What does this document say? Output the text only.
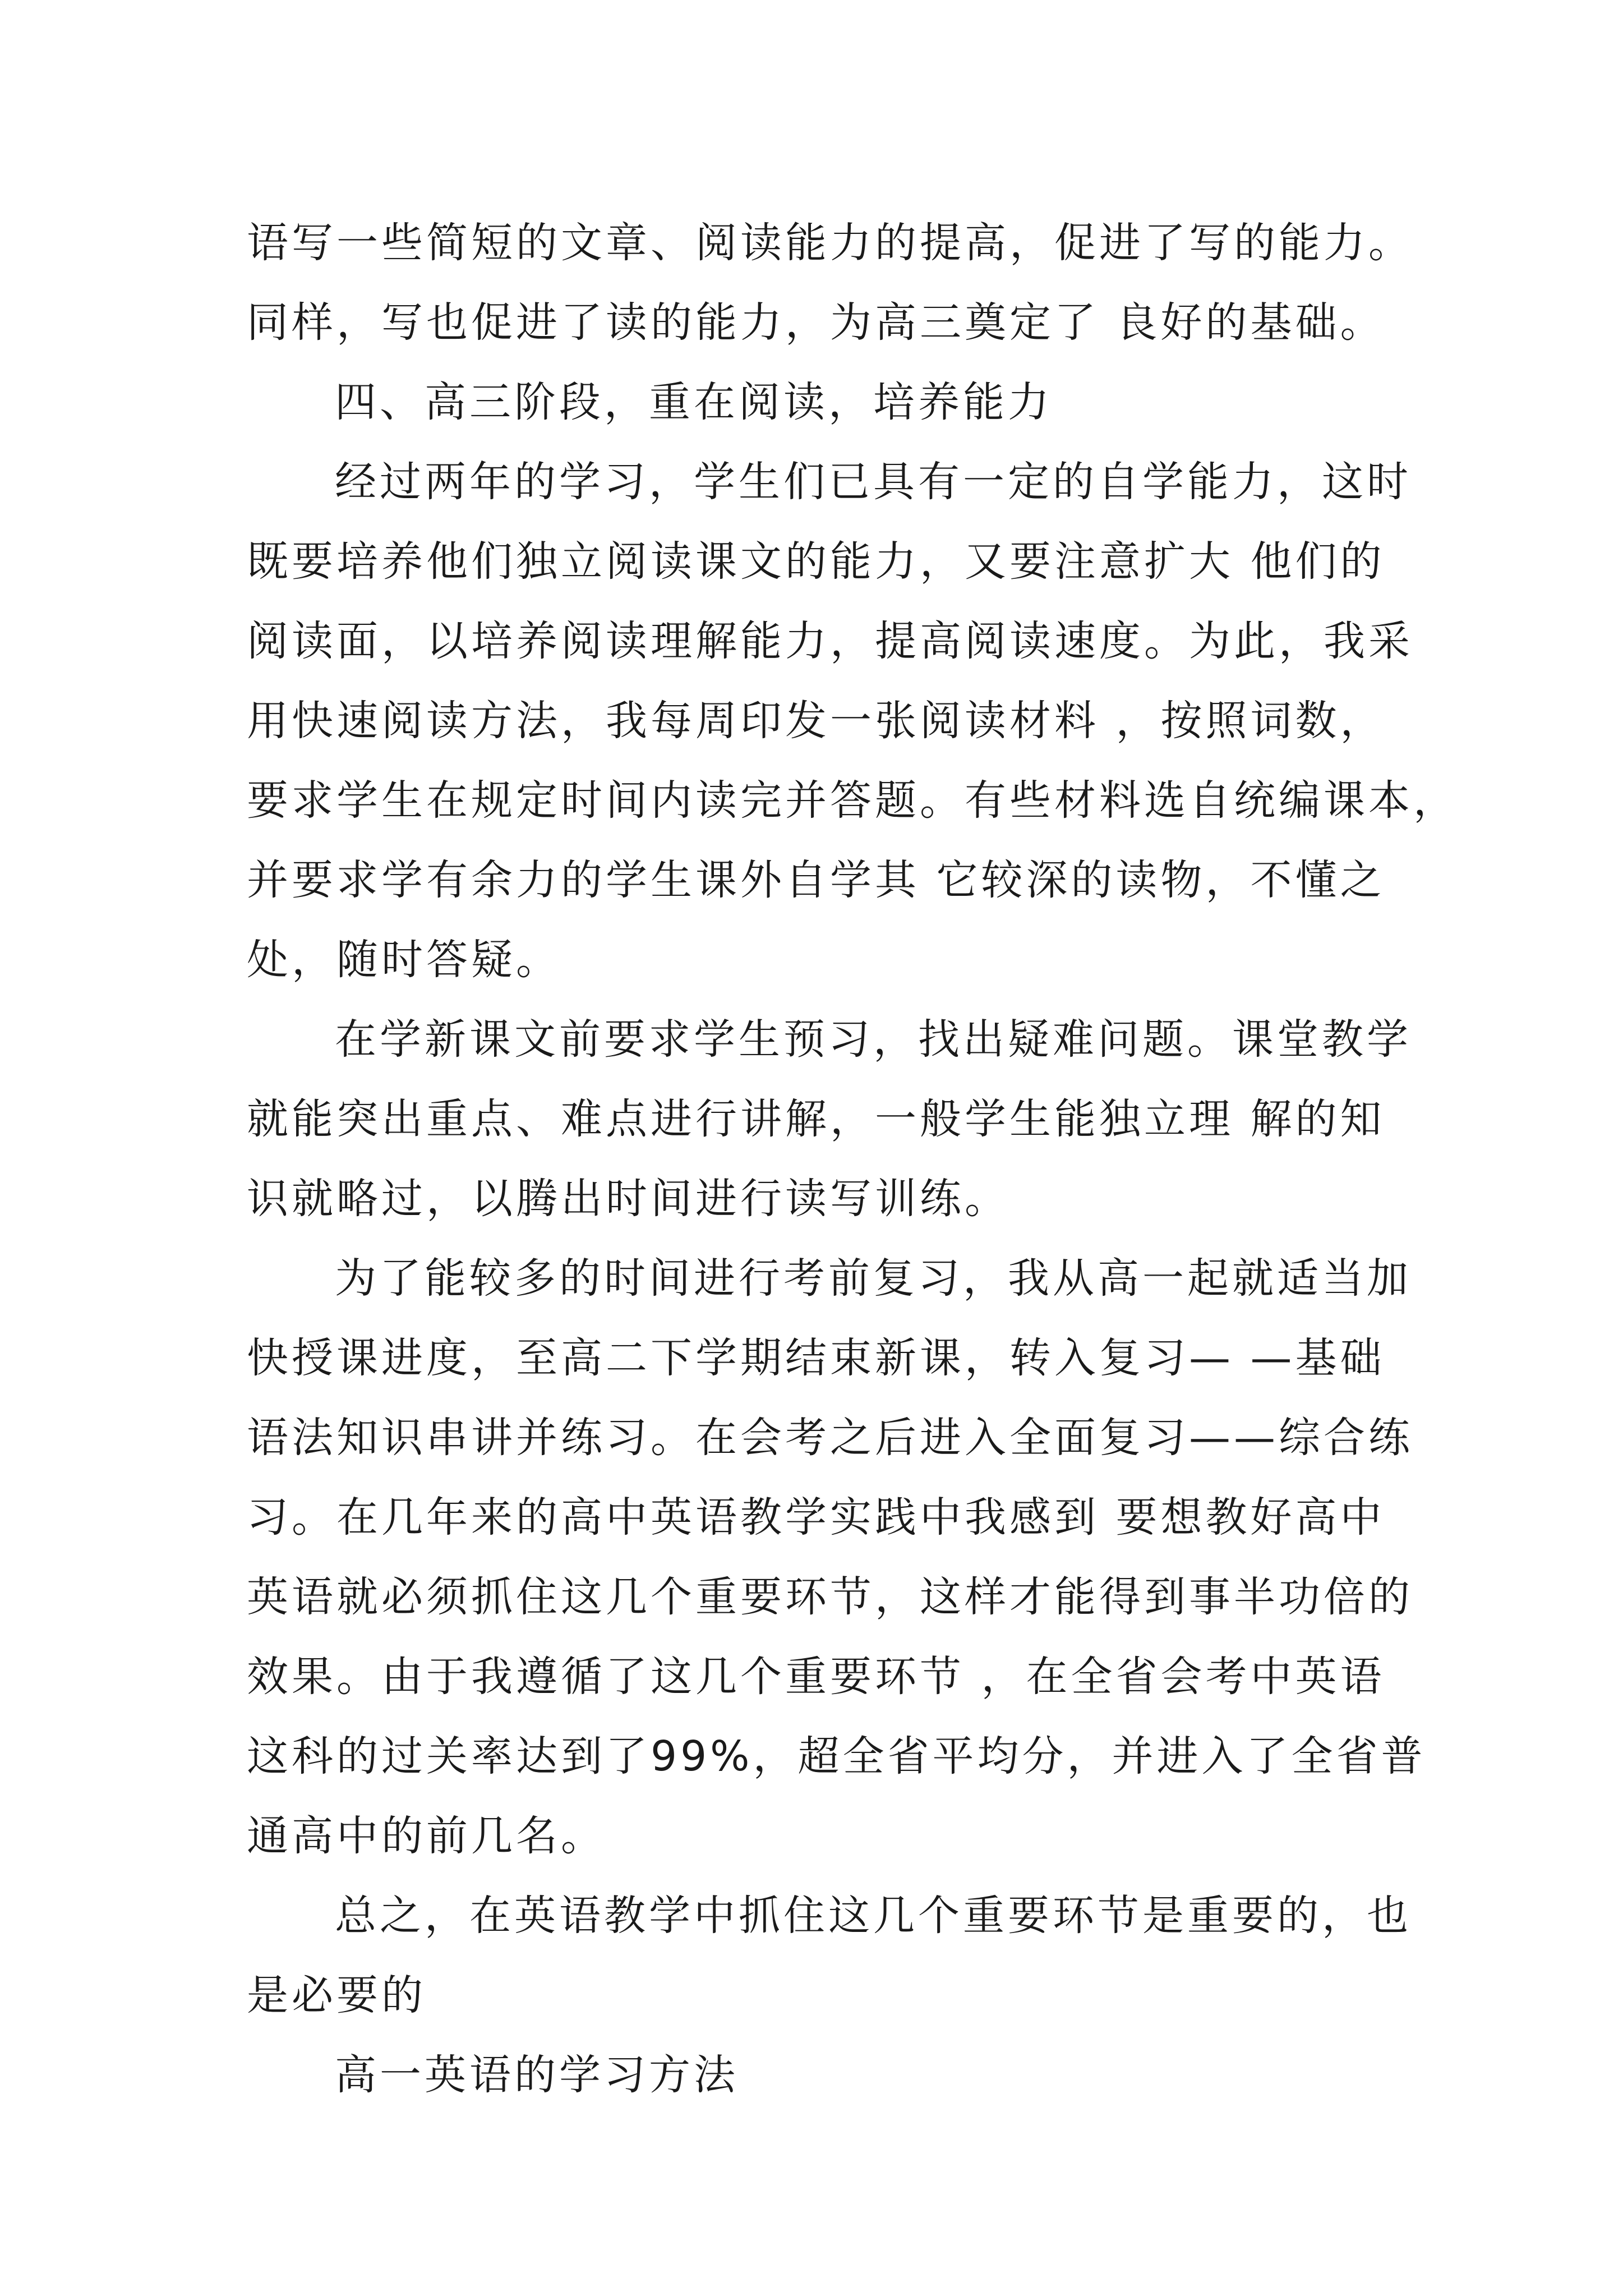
语写一些简短的文章、阅读能力的提高，促进了写的能力。
同样，写也促进了读的能力，为高三奠定了 良好的基础。
四、高三阶段，重在阅读，培养能力
经过两年的学习，学生们已具有一定的自学能力，这时
既要培养他们独立阅读课文的能力，又要注意扩大 他们的
阅读面，以培养阅读理解能力，提高阅读速度。为此，我采
用快速阅读方法，我每周印发一张阅读材料 ，按照词数，
要求学生在规定时间内读完并答题。有些材料选自统编课本，
并要求学有余力的学生课外自学其 它较深的读物，不懂之
处，随时答疑。
在学新课文前要求学生预习，找出疑难问题。课堂教学
就能突出重点、难点进行讲解，一般学生能独立理 解的知
识就略过，以腾出时间进行读写训练。
为了能较多的时间进行考前复习，我从高一起就适当加
快授课进度，至高二下学期结束新课，转入复习— —基础
语法知识串讲并练习。在会考之后进入全面复习——综合练
习。在几年来的高中英语教学实践中我感到 要想教好高中
英语就必须抓住这几个重要环节，这样才能得到事半功倍的
效果。由于我遵循了这几个重要环节 ，在全省会考中英语
这科的过关率达到了99%，超全省平均分，并进入了全省普
通高中的前几名。
总之，在英语教学中抓住这几个重要环节是重要的，也
是必要的
高一英语的学习方法
